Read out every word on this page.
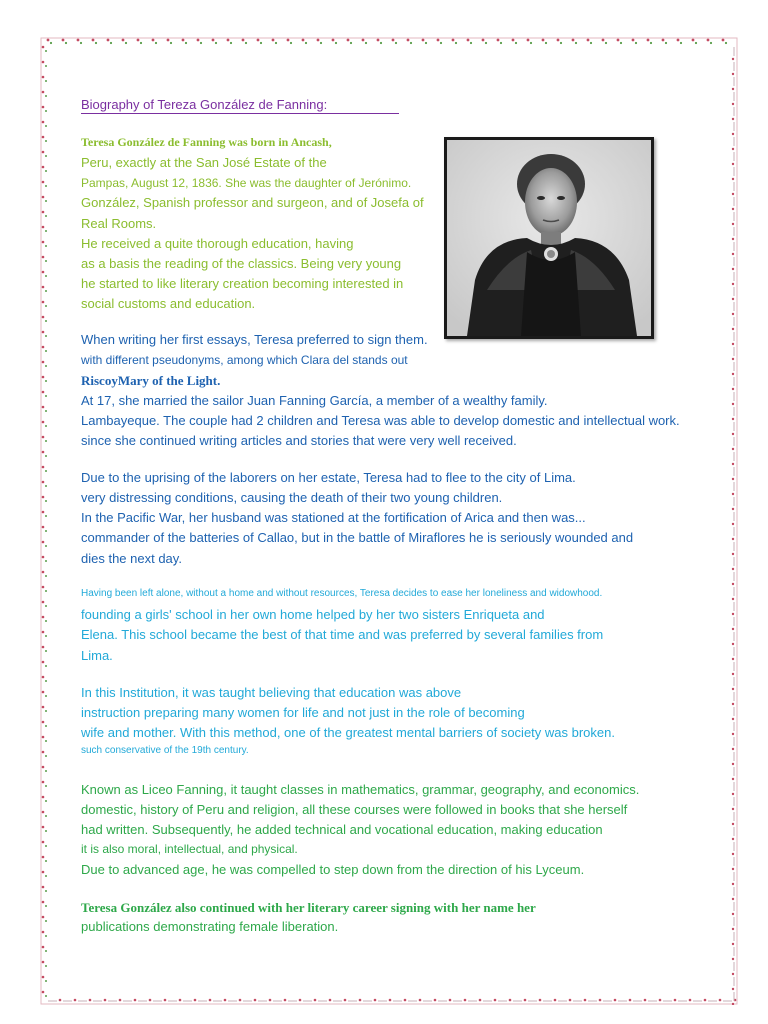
Biography of Tereza González de Fanning:
Teresa González de Fanning was born in Ancash,
Peru, exactly at the San José Estate of the
Pampas, August 12, 1836. She was the daughter of Jerónimo.
González, Spanish professor and surgeon, and of Josefa of
Real Rooms.
He received a quite thorough education, having
as a basis the reading of the classics. Being very young
he started to like literary creation becoming interested in
social customs and education.
When writing her first essays, Teresa preferred to sign them.
with different pseudonyms, among which Clara del stands out
RiscoyMary of the Light.
At 17, she married the sailor Juan Fanning García, a member of a wealthy family.
Lambayeque. The couple had 2 children and Teresa was able to develop domestic and intellectual work.
since she continued writing articles and stories that were very well received.
Due to the uprising of the laborers on her estate, Teresa had to flee to the city of Lima.
very distressing conditions, causing the death of their two young children.
In the Pacific War, her husband was stationed at the fortification of Arica and then was...
commander of the batteries of Callao, but in the battle of Miraflores he is seriously wounded and
dies the next day.
Having been left alone, without a home and without resources, Teresa decides to ease her loneliness and widowhood.
founding a girls' school in her own home helped by her two sisters Enriqueta and
Elena. This school became the best of that time and was preferred by several families from
Lima.
In this Institution, it was taught believing that education was above
instruction preparing many women for life and not just in the role of becoming
wife and mother. With this method, one of the greatest mental barriers of society was broken.
such conservative of the 19th century.
Known as Liceo Fanning, it taught classes in mathematics, grammar, geography, and economics.
domestic, history of Peru and religion, all these courses were followed in books that she herself
had written. Subsequently, he added technical and vocational education, making education
it is also moral, intellectual, and physical.
Due to advanced age, he was compelled to step down from the direction of his Lyceum.
Teresa González also continued with her literary career signing with her name her
publications demonstrating female liberation.
